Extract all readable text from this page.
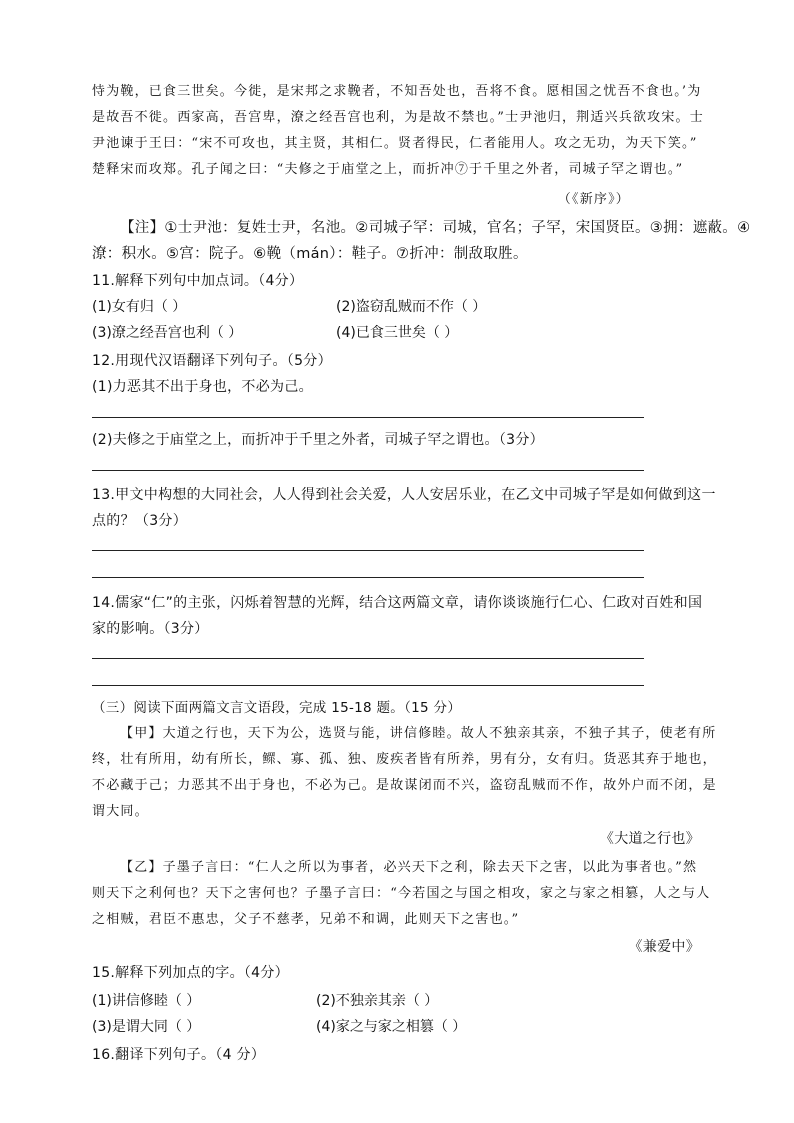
恃为鞔，已食三世矣。今徙，是宋邦之求鞔者，不知吾处也，吾将不食。愿相国之忧吾不食也。’为
是故吾不徙。西家高，吾宫卑，潦之经吾宫也利，为是故不禁也。”士尹池归，荆适兴兵欲攻宋。士
尹池谏于王曰：“宋不可攻也，其主贤，其相仁。贤者得民，仁者能用人。攻之无功，为天下笑。”
楚释宋而攻郑。孔子闻之曰：“夫修之于庙堂之上，而折冲⑦于千里之外者，司城子罕之谓也。”
（《新序》）
【注】①士尹池：复姓士尹，名池。②司城子罕：司城，官名；子罕，宋国贤臣。③拥：遮蔽。④
潦：积水。⑤宫：院子。⑥鞔（mán）：鞋子。⑦折冲：制敌取胜。
11.解释下列句中加点词。（4分）
(1)女有归（ ）	(2)盗窃乱贼而不作（ ）
(3)潦之经吾宫也利（ ）	(4)已食三世矣（ ）
12.用现代汉语翻译下列句子。（5分）
(1)力恶其不出于身也，不必为己。
(2)夫修之于庙堂之上，而折冲于千里之外者，司城子罕之谓也。（3分）
13.甲文中构想的大同社会，人人得到社会关爱，人人安居乐业，在乙文中司城子罕是如何做到这一
点的？（3分）
14.儒家“仁”的主张，闪烁着智慧的光辉，结合这两篇文章，请你谈谈施行仁心、仁政对百姓和国
家的影响。（3分）
（三）阅读下面两篇文言文语段，完成 15-18 题。（15 分）
【甲】大道之行也，天下为公，选贤与能，讲信修睦。故人不独亲其亲，不独子其子，使老有所
终，壮有所用，幼有所长，鳏、寡、孤、独、废疾者皆有所养，男有分，女有归。货恶其弃于地也，
不必藏于己；力恶其不出于身也，不必为己。是故谋闭而不兴，盗窃乱贼而不作，故外户而不闭，是
谓大同。
《大道之行也》
【乙】子墨子言曰：“仁人之所以为事者，必兴天下之利，除去天下之害，以此为事者也。”然
则天下之利何也？天下之害何也？子墨子言曰：“今若国之与国之相攻，家之与家之相篡，人之与人
之相贼，君臣不惠忠，父子不慈孝，兄弟不和调，此则天下之害也。”
《兼爱中》
15.解释下列加点的字。（4分）
(1)讲信修睦（ ）	(2)不独亲其亲（ ）
(3)是谓大同（ ）	(4)家之与家之相篡（ ）
16.翻译下列句子。（4 分）
